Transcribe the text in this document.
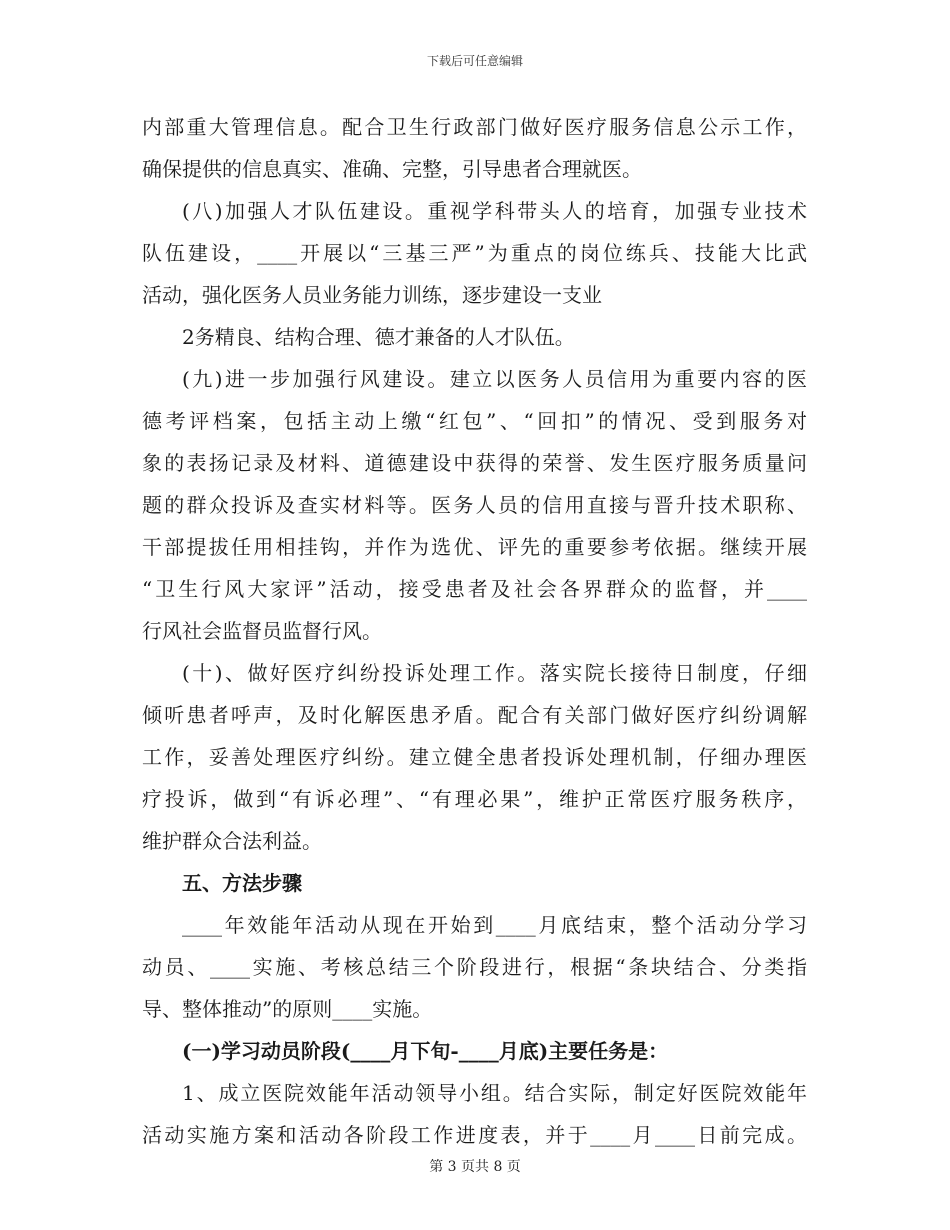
下载后可任意编辑
内部重大管理信息。配合卫生行政部门做好医疗服务信息公示工作，
确保提供的信息真实、准确、完整，引导患者合理就医。
(八)加强人才队伍建设。重视学科带头人的培育，加强专业技术
队伍建设，____开展以“三基三严”为重点的岗位练兵、技能大比武
活动，强化医务人员业务能力训练，逐步建设一支业
2务精良、结构合理、德才兼备的人才队伍。
(九)进一步加强行风建设。建立以医务人员信用为重要内容的医
德考评档案，包括主动上缴“红包”、“回扣”的情况、受到服务对
象的表扬记录及材料、道德建设中获得的荣誉、发生医疗服务质量问
题的群众投诉及查实材料等。医务人员的信用直接与晋升技术职称、
干部提拔任用相挂钩，并作为选优、评先的重要参考依据。继续开展
“卫生行风大家评”活动，接受患者及社会各界群众的监督，并____
行风社会监督员监督行风。
(十)、做好医疗纠纷投诉处理工作。落实院长接待日制度，仔细
倾听患者呼声，及时化解医患矛盾。配合有关部门做好医疗纠纷调解
工作，妥善处理医疗纠纷。建立健全患者投诉处理机制，仔细办理医
疗投诉，做到“有诉必理”、“有理必果”，维护正常医疗服务秩序，
维护群众合法利益。
五、方法步骤
____年效能年活动从现在开始到____月底结束，整个活动分学习
动员、____实施、考核总结三个阶段进行，根据“条块结合、分类指
导、整体推动”的原则____实施。
(一)学习动员阶段(____月下旬-____月底)主要任务是：
1、成立医院效能年活动领导小组。结合实际，制定好医院效能年
活动实施方案和活动各阶段工作进度表，并于____月____日前完成。
第 3 页共 8 页
